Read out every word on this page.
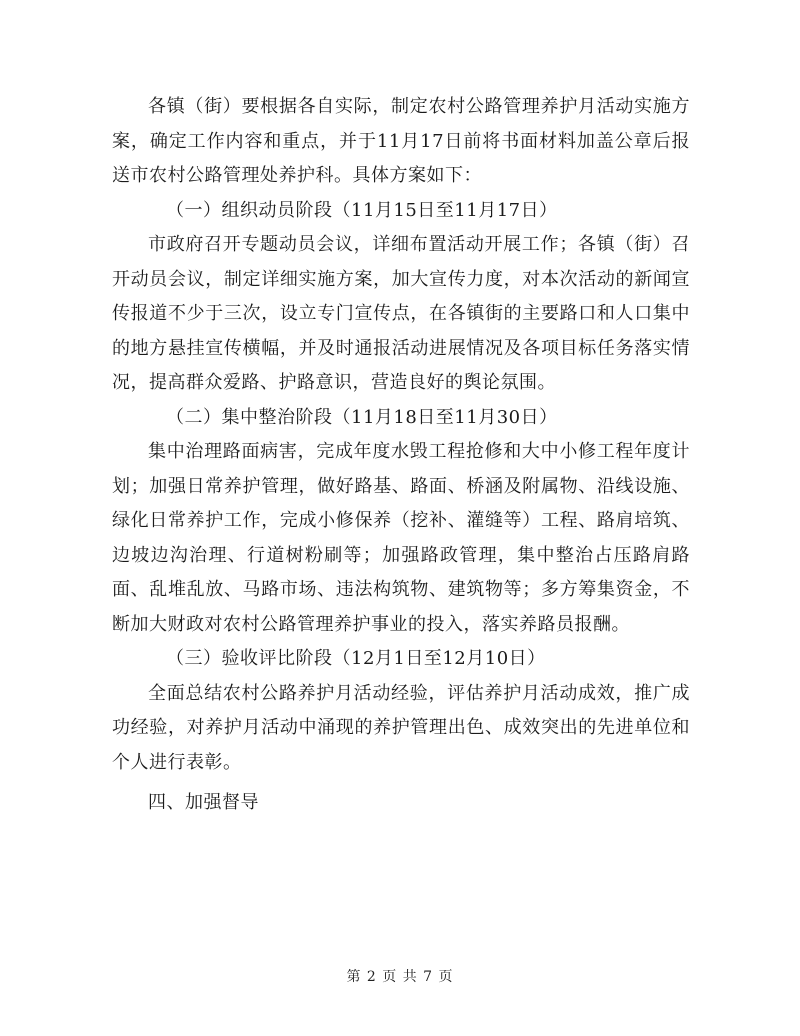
各镇（街）要根据各自实际，制定农村公路管理养护月活动实施方案，确定工作内容和重点，并于11月17日前将书面材料加盖公章后报送市农村公路管理处养护科。具体方案如下：

（一）组织动员阶段（11月15日至11月17日）

市政府召开专题动员会议，详细布置活动开展工作；各镇（街）召开动员会议，制定详细实施方案，加大宣传力度，对本次活动的新闻宣传报道不少于三次，设立专门宣传点，在各镇街的主要路口和人口集中的地方悬挂宣传横幅，并及时通报活动进展情况及各项目标任务落实情况，提高群众爱路、护路意识，营造良好的舆论氛围。

（二）集中整治阶段（11月18日至11月30日）

集中治理路面病害，完成年度水毁工程抢修和大中小修工程年度计划；加强日常养护管理，做好路基、路面、桥涵及附属物、沿线设施、绿化日常养护工作，完成小修保养（挖补、灌缝等）工程、路肩培筑、边坡边沟治理、行道树粉刷等；加强路政管理，集中整治占压路肩路面、乱堆乱放、马路市场、违法构筑物、建筑物等；多方筹集资金，不断加大财政对农村公路管理养护事业的投入，落实养路员报酬。

（三）验收评比阶段（12月1日至12月10日）

全面总结农村公路养护月活动经验，评估养护月活动成效，推广成功经验，对养护月活动中涌现的养护管理出色、成效突出的先进单位和个人进行表彰。

四、加强督导

第 2 页 共 7 页
